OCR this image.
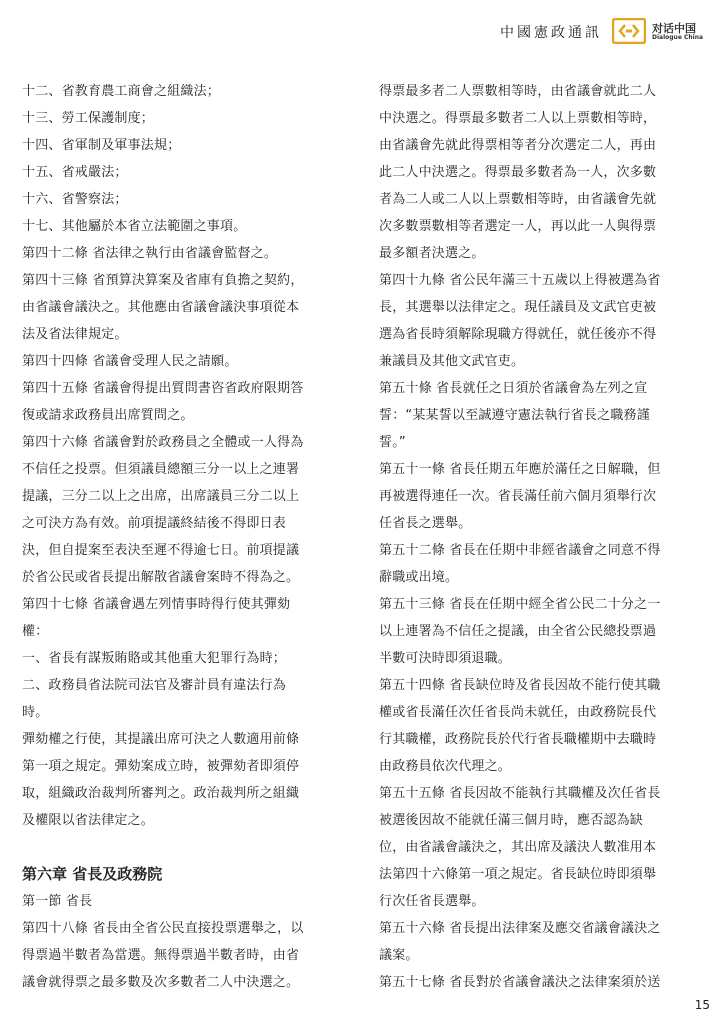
中國憲政通訊	对话中国
Dialogue China
十二、省教育農工商會之組織法；
十三、勞工保護制度；
十四、省軍制及軍事法規；
十五、省戒嚴法；
十六、省警察法；
十七、其他屬於本省立法範圍之事項。
第四十二條 省法律之執行由省議會監督之。
第四十三條 省預算決算案及省庫有負擔之契約，
由省議會議決之。其他應由省議會議決事項從本
法及省法律規定。
第四十四條 省議會受理人民之請願。
第四十五條 省議會得提出質問書咨省政府限期答
復或請求政務員出席質問之。
第四十六條 省議會對於政務員之全體或一人得為
不信任之投票。但須議員總額三分一以上之連署
提議，三分二以上之出席，出席議員三分二以上
之可決方為有效。前項提議終結後不得即日表
決，但自提案至表決至遲不得逾七日。前項提議
於省公民或省長提出解散省議會案時不得為之。
第四十七條 省議會遇左列情事時得行使其彈劾
權：
一、省長有謀叛賄賂或其他重大犯罪行為時；
二、政務員省法院司法官及審計員有違法行為
時。
彈劾權之行使，其提議出席可決之人數適用前條
第一項之規定。彈劾案成立時，被彈劾者即須停
取，組織政治裁判所審判之。政治裁判所之組織
及權限以省法律定之。
第六章 省長及政務院
第一節 省長
第四十八條 省長由全省公民直接投票選舉之，以
得票過半數者為當選。無得票過半數者時，由省
議會就得票之最多數及次多數者二人中決選之。
得票最多者二人票數相等時，由省議會就此二人
中決選之。得票最多數者二人以上票數相等時，
由省議會先就此得票相等者分次選定二人，再由
此二人中決選之。得票最多數者為一人，次多數
者為二人或二人以上票數相等時，由省議會先就
次多數票數相等者選定一人，再以此一人與得票
最多額者決選之。
第四十九條 省公民年滿三十五歲以上得被選為省
長，其選舉以法律定之。現任議員及文武官吏被
選為省長時須解除現職方得就任，就任後亦不得
兼議員及其他文武官吏。
第五十條 省長就任之日須於省議會為左列之宣
誓：“某某誓以至誠遵守憲法執行省長之職務謹
誓。”
第五十一條 省長任期五年應於滿任之日解職，但
再被選得連任一次。省長滿任前六個月須舉行次
任省長之選舉。
第五十二條 省長在任期中非經省議會之同意不得
辭職或出境。
第五十三條 省長在任期中經全省公民二十分之一
以上連署為不信任之提議，由全省公民總投票過
半數可決時即須退職。
第五十四條 省長缺位時及省長因故不能行使其職
權或省長滿任次任省長尚未就任，由政務院長代
行其職權，政務院長於代行省長職權期中去職時
由政務員依次代理之。
第五十五條 省長因故不能執行其職權及次任省長
被選後因故不能就任滿三個月時，應否認為缺
位，由省議會議決之，其出席及議決人數准用本
法第四十六條第一項之規定。省長缺位時即須舉
行次任省長選舉。
第五十六條 省長提出法律案及應交省議會議決之
議案。
第五十七條 省長對於省議會議決之法律案須於送
15
